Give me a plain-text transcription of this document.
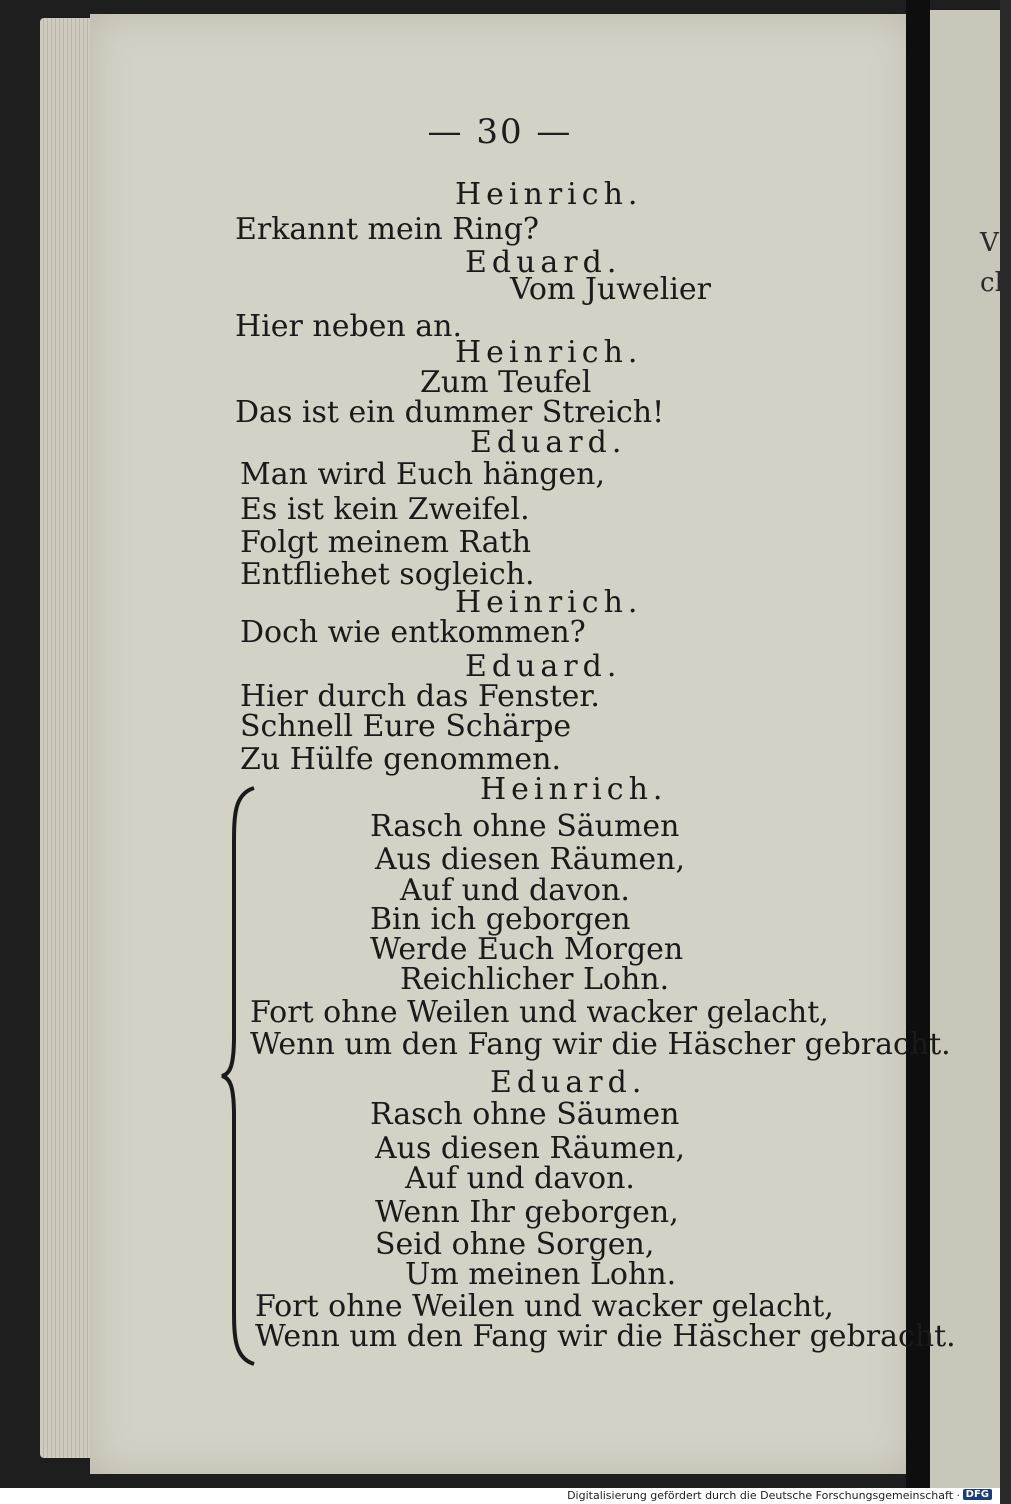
V
ch
— 30 —
Heinrich.
Erkannt mein Ring?
Eduard.
Vom Juwelier
Hier neben an.
Heinrich.
Zum Teufel
Das ist ein dummer Streich!
Eduard.
Man wird Euch hängen,
Es ist kein Zweifel.
Folgt meinem Rath
Entfliehet sogleich.
Heinrich.
Doch wie entkommen?
Eduard.
Hier durch das Fenster.
Schnell Eure Schärpe
Zu Hülfe genommen.
Heinrich.
Rasch ohne Säumen
Aus diesen Räumen,
Auf und davon.
Bin ich geborgen
Werde Euch Morgen
Reichlicher Lohn.
Fort ohne Weilen und wacker gelacht,
Wenn um den Fang wir die Häscher gebracht.
Eduard.
Rasch ohne Säumen
Aus diesen Räumen,
Auf und davon.
Wenn Ihr geborgen,
Seid ohne Sorgen,
Um meinen Lohn.
Fort ohne Weilen und wacker gelacht,
Wenn um den Fang wir die Häscher gebracht.
Digitalisierung gefördert durch die Deutsche Forschungsgemeinschaft · DFG
